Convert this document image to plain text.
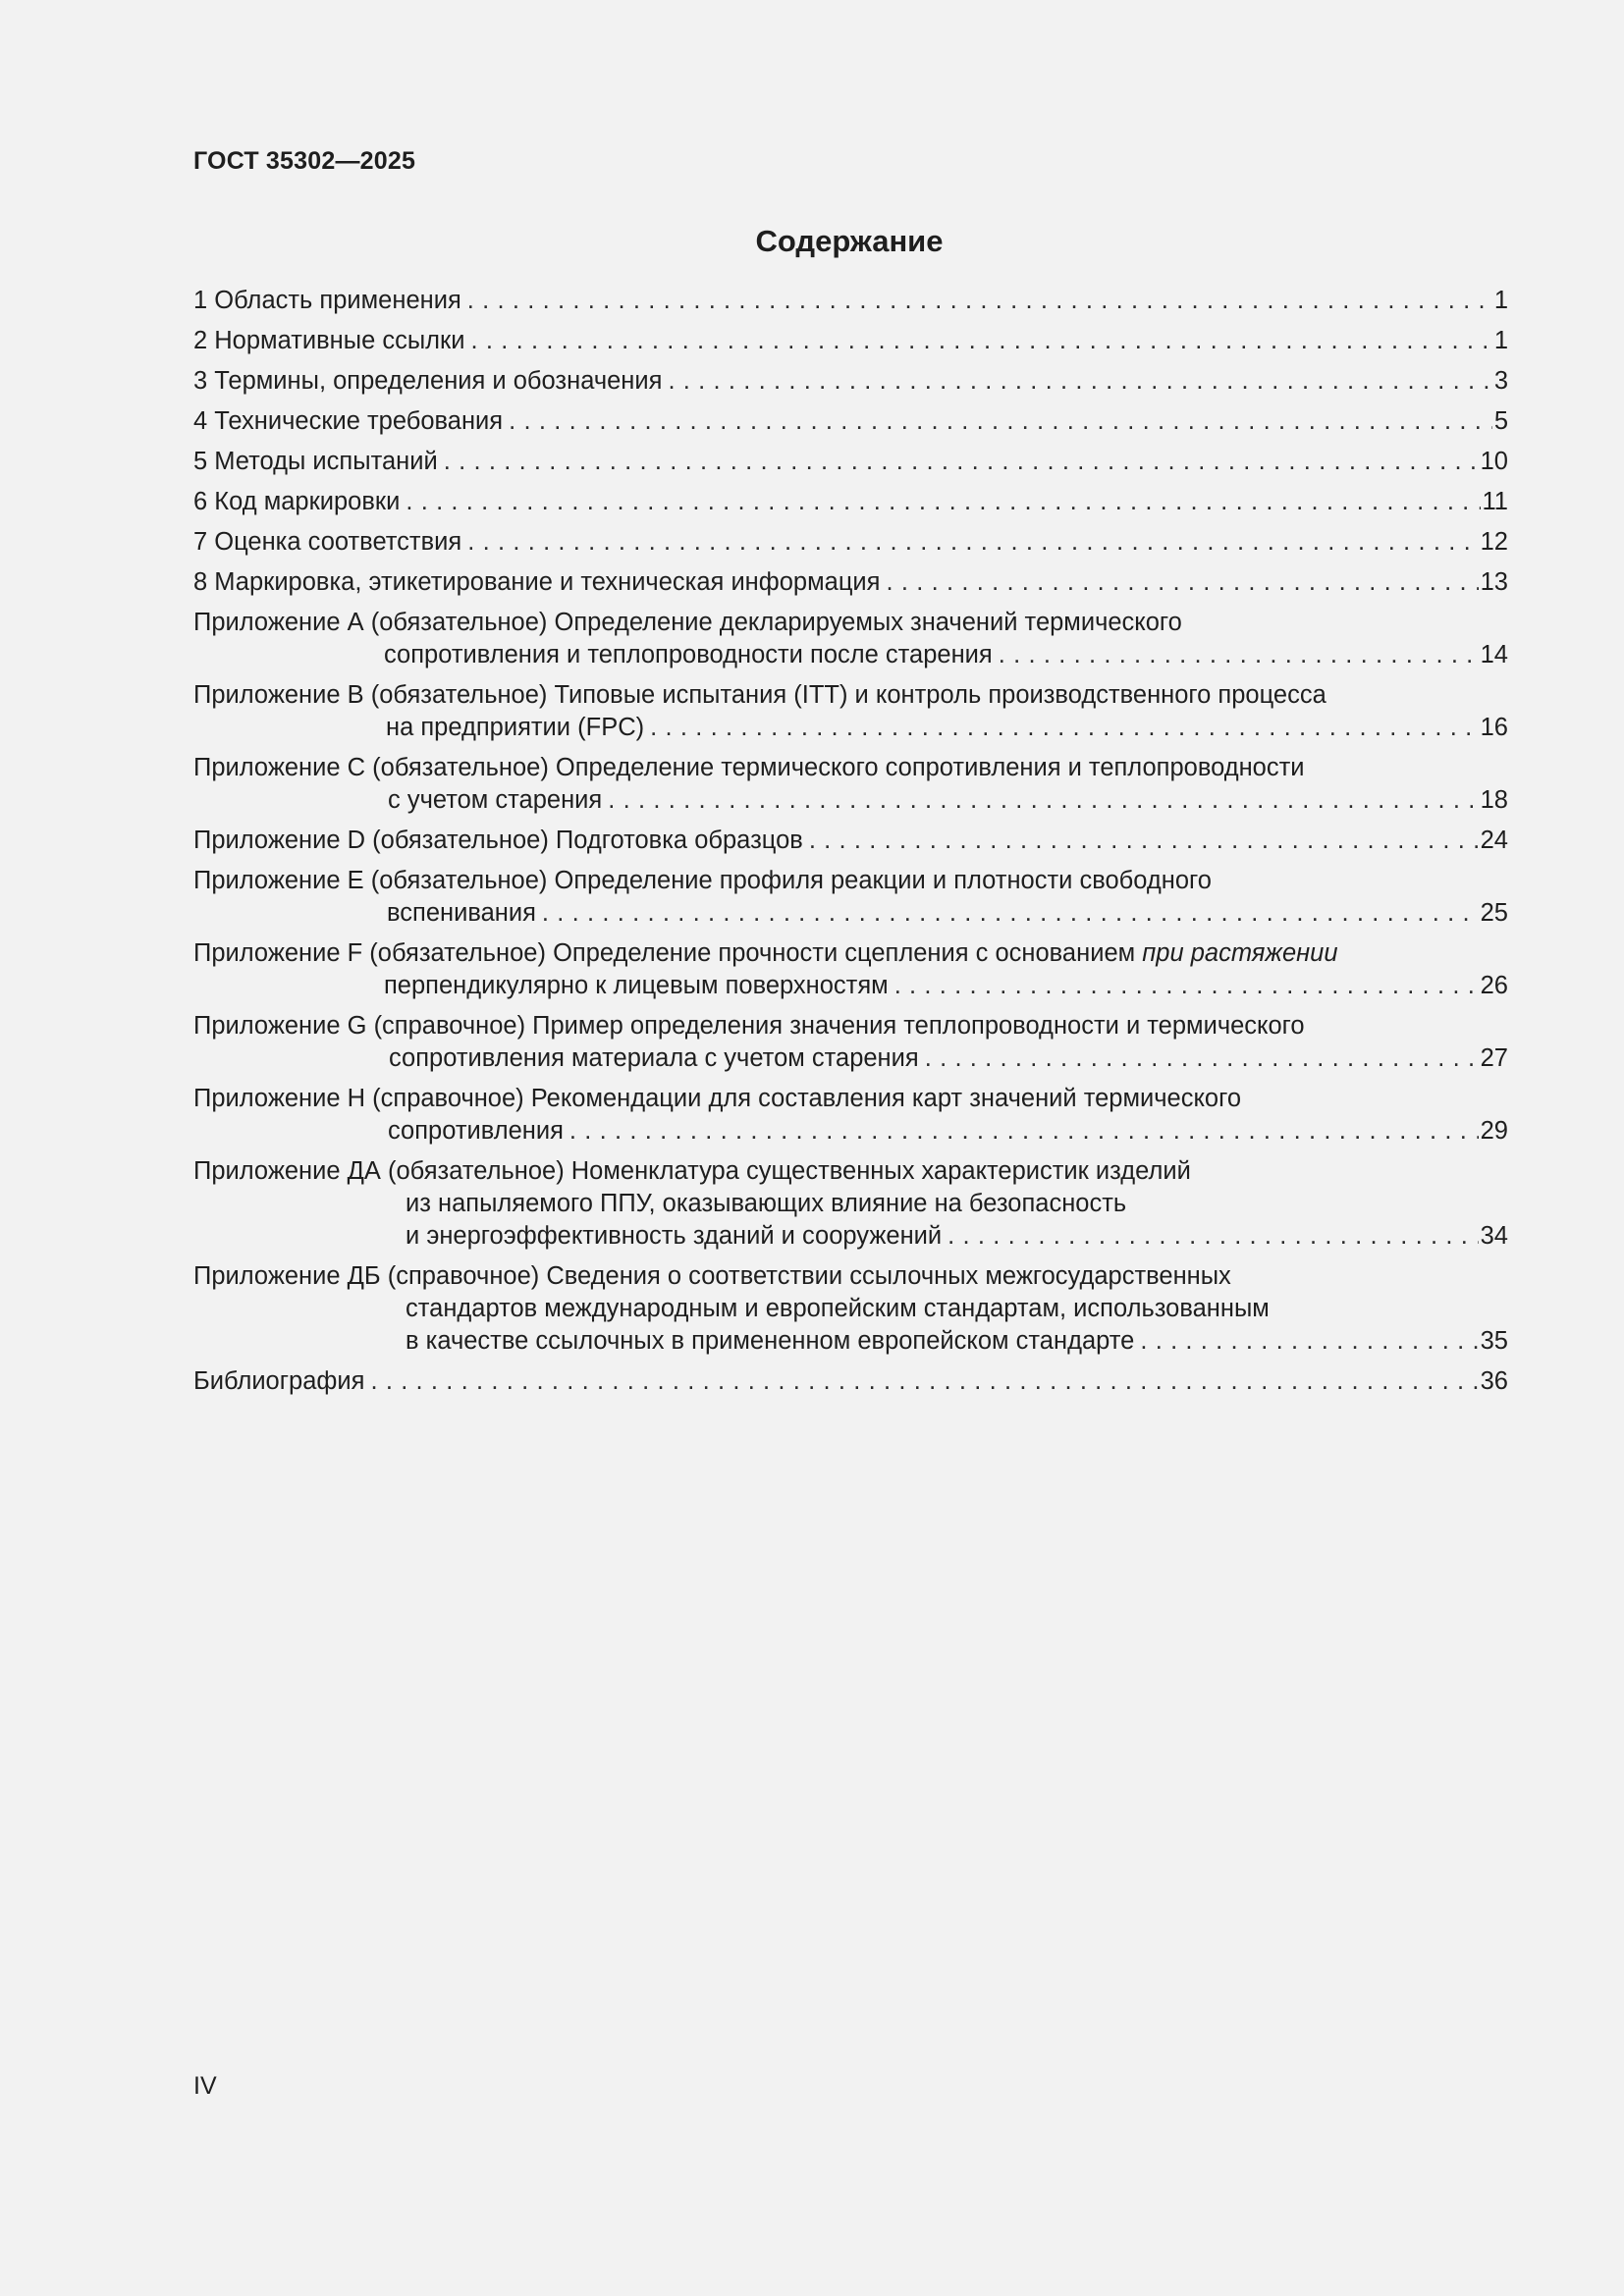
ГОСТ 35302—2025
Содержание
1 Область применения . . .	1
2 Нормативные ссылки . . .	1
3 Термины, определения и обозначения . . .	3
4 Технические требования . . .	5
5 Методы испытаний . . .	10
6 Код маркировки . . .	11
7 Оценка соответствия . . .	12
8 Маркировка, этикетирование и техническая информация . . .	13
Приложение А (обязательное) Определение декларируемых значений термического
сопротивления и теплопроводности после старения . . .	14
Приложение В (обязательное) Типовые испытания (ITT) и контроль производственного процесса
на предприятии (FPC) . . .	16
Приложение С (обязательное) Определение термического сопротивления и теплопроводности
с учетом старения . . .	18
Приложение D (обязательное) Подготовка образцов . . .	24
Приложение Е (обязательное) Определение профиля реакции и плотности свободного
вспенивания . . .	25
Приложение F (обязательное) Определение прочности сцепления с основанием при растяжении
перпендикулярно к лицевым поверхностям . . .	26
Приложение G (справочное) Пример определения значения теплопроводности и термического
сопротивления материала с учетом старения . . .	27
Приложение Н (справочное) Рекомендации для составления карт значений термического
сопротивления . . .	29
Приложение ДА (обязательное) Номенклатура существенных характеристик изделий
из напыляемого ППУ, оказывающих влияние на безопасность
и энергоэффективность зданий и сооружений . . .	34
Приложение ДБ (справочное) Сведения о соответствии ссылочных межгосударственных
стандартов международным и европейским стандартам, использованным
в качестве ссылочных в примененном европейском стандарте . . .	35
Библиография . . .	36
IV
